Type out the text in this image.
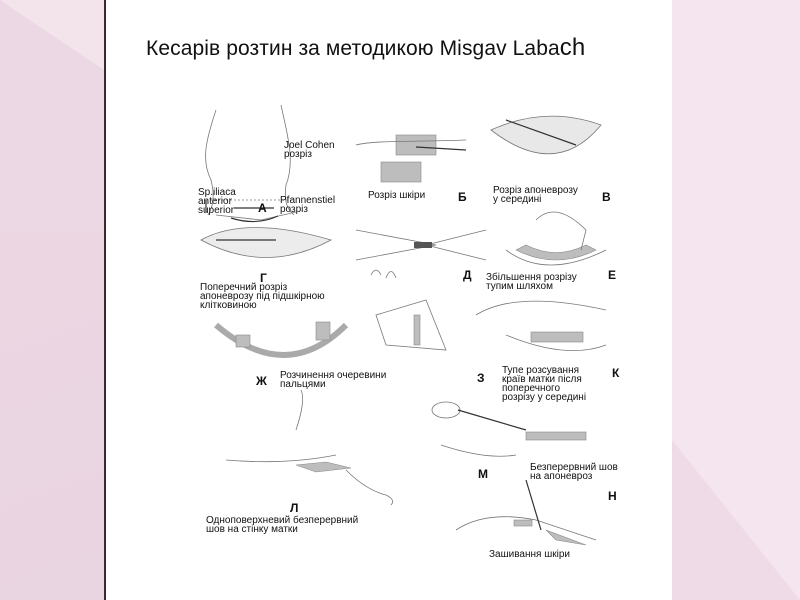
Кесарів розтин за методикою Misgav Labach
Joel Cohen
розріз
Sp.iliaca
anterior
superior
Pfannenstiel
розріз
А
Розріз шкіри	Б	Розріз апоневрозу
у середині	В
Г
Поперечний розріз
апоневрозу під підшкірною
клітковиною
Д Збільшення розрізу
тупим шляхом
Е
Ж Розчинення очеревини
пальцями	З
Тупе розсування
країв матки після
поперечного
розрізу у середині
К
Л
Одноповерхневий безперервний
шов на стінку матки
М	Безперервний шов
на апоневроз
Н
Зашивання шкіри
